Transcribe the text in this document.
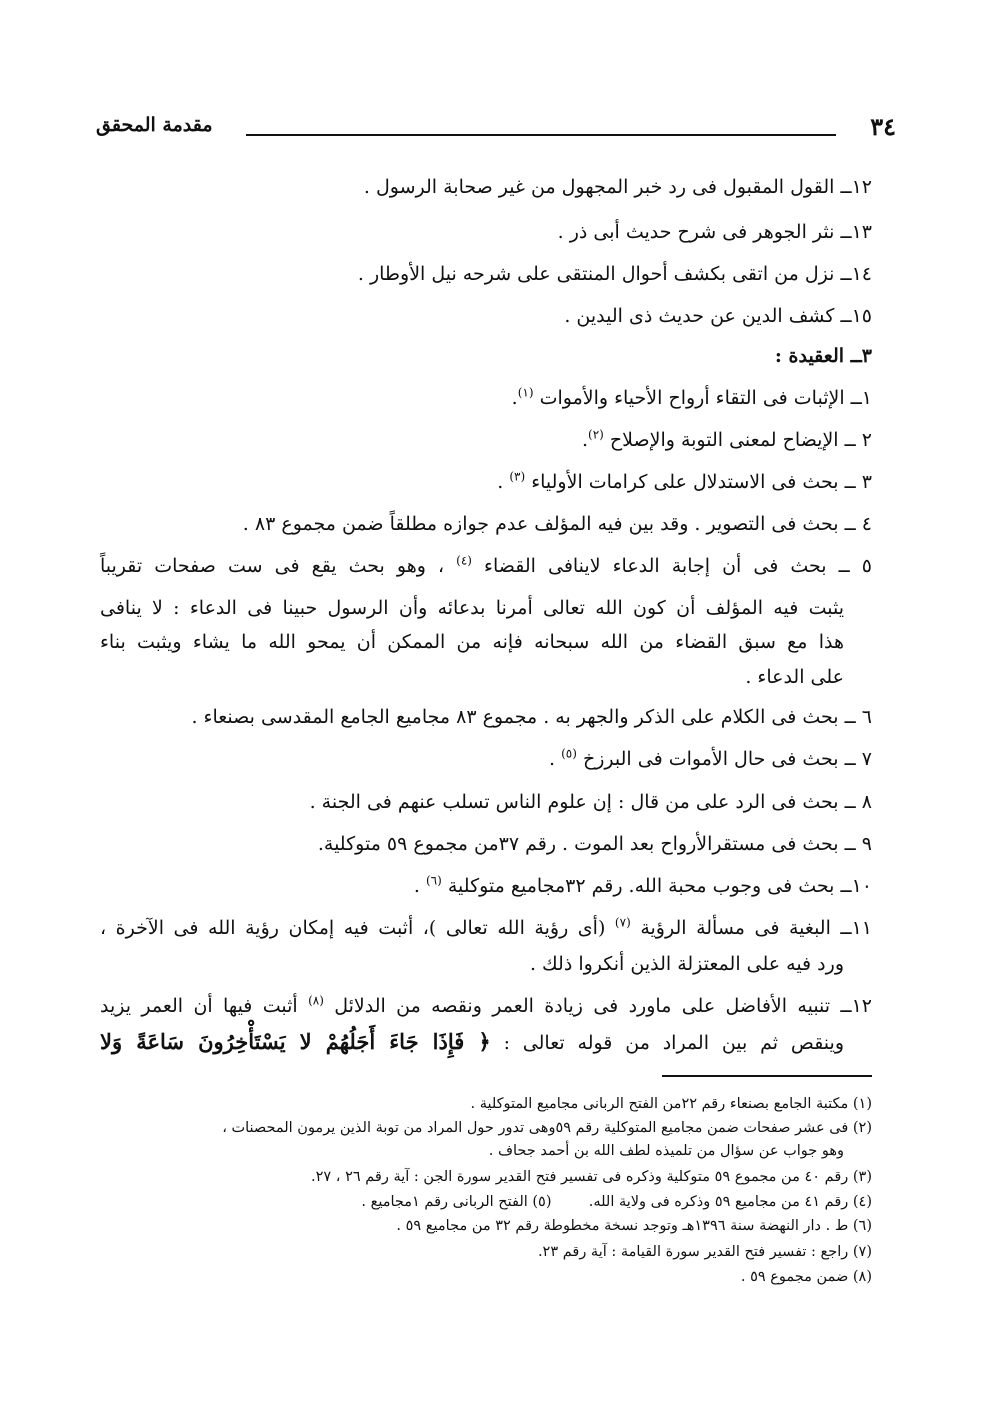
٣٤
مقدمة المحقق
١٢ــ القول المقبول فى رد خبر المجهول من غير صحابة الرسول .
١٣ــ نثر الجوهر فى شرح حديث أبى ذر .
١٤ــ نزل من اتقى بكشف أحوال المنتقى على شرحه نيل الأوطار .
١٥ــ كشف الدين عن حديث ذى اليدين .
٣ــ العقيدة :
١ــ الإثبات فى التقاء أرواح الأحياء والأموات $^{(١)}$.
٢ ــ الإيضاح لمعنى التوبة والإصلاح $^{(٢)}$.
٣ ــ بحث فى الاستدلال على كرامات الأولياء $^{(٣)}$ .
٤ ــ بحث فى التصوير . وقد بين فيه المؤلف عدم جوازه مطلقاً ضمن مجموع ٨٣ .
٥ ــ بحث فى أن إجابة الدعاء لاينافى القضاء $^{(٤)}$ ، وهو بحث يقع فى ست صفحات تقريباً
يثبت فيه المؤلف أن كون الله تعالى أمرنا بدعائه وأن الرسول حبينا فى الدعاء : لا ينافى
هذا مع سبق القضاء من الله سبحانه فإنه من الممكن أن يمحو الله ما يشاء ويثبت بناء
على الدعاء .
٦ ــ بحث فى الكلام على الذكر والجهر به . مجموع ٨٣ مجاميع الجامع المقدسى بصنعاء .
٧ ــ بحث فى حال الأموات فى البرزخ $^{(٥)}$ .
٨ ــ بحث فى الرد على من قال : إن علوم الناس تسلب عنهم فى الجنة .
٩ ــ بحث فى مستقرالأرواح بعد الموت . رقم ٣٧من مجموع ٥٩ متوكلية.
١٠ــ بحث فى وجوب محبة الله. رقم ٣٢مجاميع متوكلية $^{(٦)}$ .
١١ــ البغية فى مسألة الرؤية $^{(٧)}$ (أى رؤية الله تعالى )، أثبت فيه إمكان رؤية الله فى الآخرة ،
ورد فيه على المعتزلة الذين أنكروا ذلك .
١٢ــ تنبيه الأفاضل على ماورد فى زيادة العمر ونقصه من الدلائل $^{(٨)}$ أثبت فيها أن العمر يزيد
وينقص ثم بين المراد من قوله تعالى : ﴿ فَإِذَا جَاءَ أَجَلُهُمْ لا يَسْتَأْخِرُونَ سَاعَةً وَلا
(١) مكتبة الجامع بصنعاء رقم ٢٢من الفتح الربانى مجاميع المتوكلية .
(٢) فى عشر صفحات ضمن مجاميع المتوكلية رقم ٥٩وهى تدور حول المراد من توبة الذين يرمون المحصنات ،
وهو جواب عن سؤال من تلميذه لطف الله بن أحمد جحاف .
(٣) رقم ٤٠ من مجموع ٥٩ متوكلية وذكره فى تفسير فتح القدير سورة الجن : آية رقم ٢٦ ، ٢٧.
(٤) رقم ٤١ من مجاميع ٥٩ وذكره فى ولاية الله.  (٥) الفتح الربانى رقم ١مجاميع .
(٦) ط . دار النهضة سنة ١٣٩٦هـ وتوجد نسخة مخطوطة رقم ٣٢ من مجاميع ٥٩ .
(٧) راجع : تفسير فتح القدير سورة القيامة : آية رقم ٢٣.
(٨) ضمن مجموع ٥٩ .
